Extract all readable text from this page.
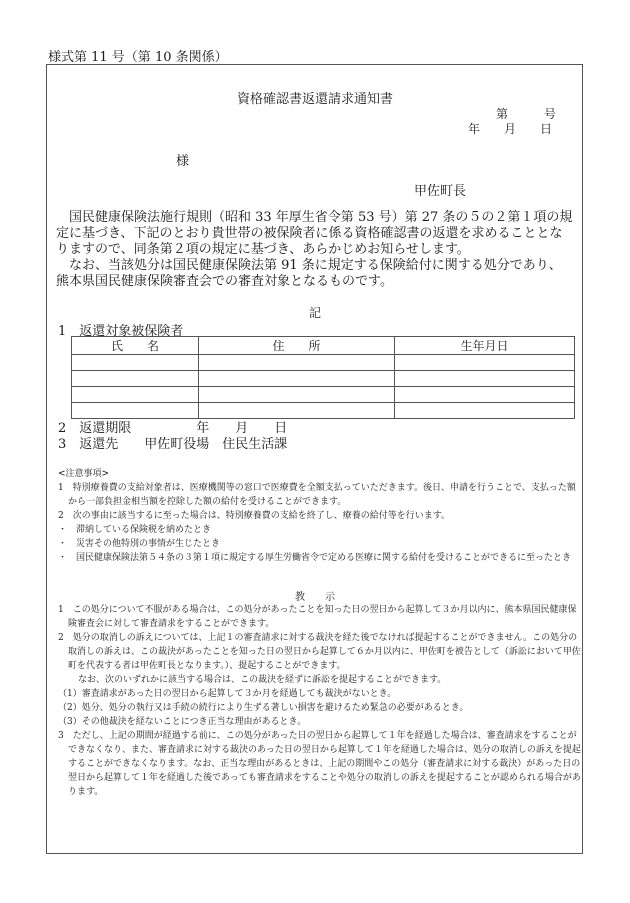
様式第 11 号（第 10 条関係）
資格確認書返還請求通知書
第　　　号
年　　月　　日
様
甲佐町長
国民健康保険法施行規則（昭和 33 年厚生省令第 53 号）第 27 条の５の２第１項の規
定に基づき、下記のとおり貴世帯の被保険者に係る資格確認書の返還を求めることとな
りますので、同条第２項の規定に基づき、あらかじめお知らせします。
なお、当該処分は国民健康保険法第 91 条に規定する保険給付に関する処分であり、
熊本県国民健康保険審査会での審査対象となるものです。
記
1　返還対象被保険者
氏　　名	住　　所	生年月日

2　返還期限　　　　　年　　月　　日
3　返還先　　甲佐町役場　住民生活課
<注意事項>
1　特別療養費の支給対象者は、医療機関等の窓口で医療費を全額支払っていただきます。後日、申請を行うことで、支払った額
から一部負担金相当額を控除した額の給付を受けることができます。
2　次の事由に該当するに至った場合は、特別療養費の支給を終了し、療養の給付等を行います。
・　滞納している保険税を納めたとき
・　災害その他特別の事情が生じたとき
・　国民健康保険法第５４条の３第１項に規定する厚生労働省令で定める医療に関する給付を受けることができるに至ったとき
教　　示
1　この処分について不服がある場合は、この処分があったことを知った日の翌日から起算して３か月以内に、熊本県国民健康保
険審査会に対して審査請求をすることができます。
2　処分の取消しの訴えについては、上記１の審査請求に対する裁決を経た後でなければ提起することができません。この処分の
取消しの訴えは、この裁決があったことを知った日の翌日から起算して６か月以内に、甲佐町を被告として（訴訟において甲佐
町を代表する者は甲佐町長となります。）、提起することができます。
なお、次のいずれかに該当する場合は、この裁決を経ずに訴訟を提起することができます。
（1）審査請求があった日の翌日から起算して３か月を経過しても裁決がないとき。
（2）処分、処分の執行又は手続の続行により生ずる著しい損害を避けるため緊急の必要があるとき。
（3）その他裁決を経ないことにつき正当な理由があるとき。
3　ただし、上記の期間が経過する前に、この処分があった日の翌日から起算して１年を経過した場合は、審査請求をすることが
できなくなり、また、審査請求に対する裁決のあった日の翌日から起算して１年を経過した場合は、処分の取消しの訴えを提起
することができなくなります。なお、正当な理由があるときは、上記の期間やこの処分（審査請求に対する裁決）があった日の
翌日から起算して１年を経過した後であっても審査請求をすることや処分の取消しの訴えを提起することが認められる場合があ
ります。
